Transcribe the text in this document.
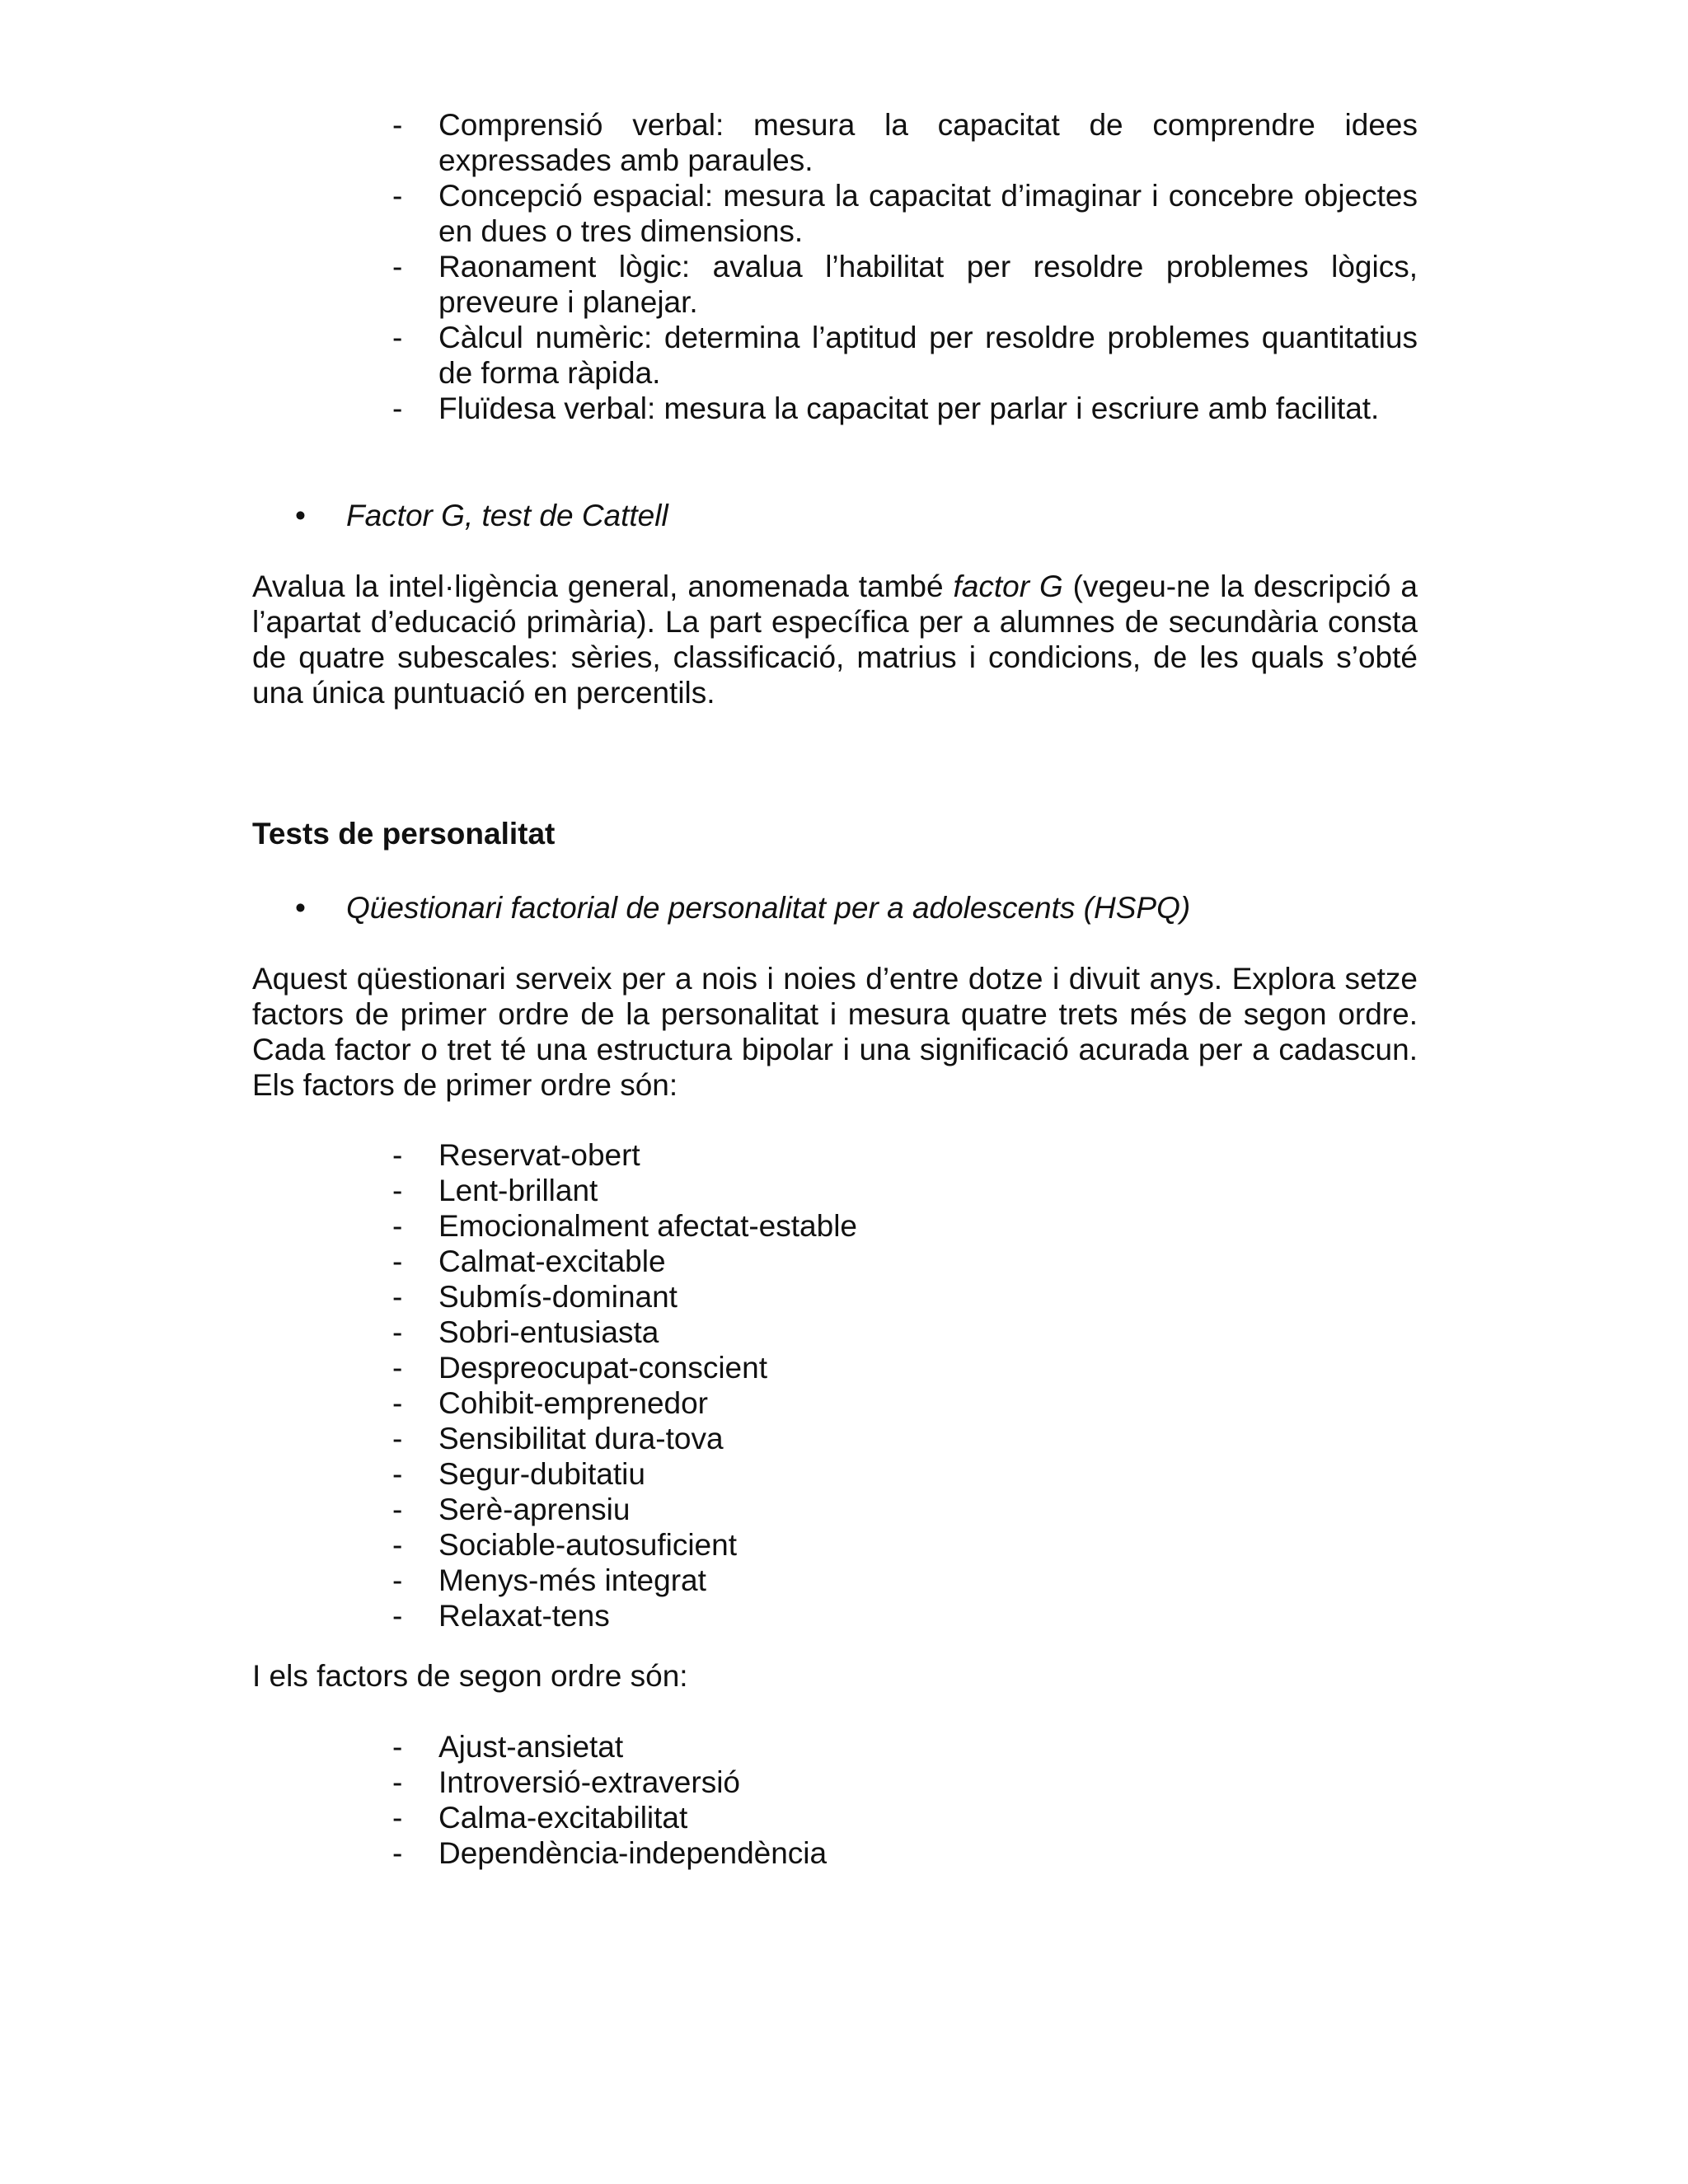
- Comprensió verbal: mesura la capacitat de comprendre idees expressades amb paraules.
- Concepció espacial: mesura la capacitat d’imaginar i concebre objectes en dues o tres dimensions.
- Raonament lògic: avalua l’habilitat per resoldre problemes lògics, preveure i planejar.
- Càlcul numèric: determina l’aptitud per resoldre problemes quantitatius de forma ràpida.
- Fluïdesa verbal: mesura la capacitat per parlar i escriure amb facilitat.
• Factor G, test de Cattell

Avalua la intel·ligència general, anomenada també factor G (vegeu-ne la descripció a l’apartat d’educació primària). La part específica per a alumnes de secundària consta de quatre subescales: sèries, classificació, matrius i condicions, de les quals s’obté una única puntuació en percentils.

Tests de personalitat
• Qüestionari factorial de personalitat per a adolescents (HSPQ)

Aquest qüestionari serveix per a nois i noies d’entre dotze i divuit anys. Explora setze factors de primer ordre de la personalitat i mesura quatre trets més de segon ordre. Cada factor o tret té una estructura bipolar i una significació acurada per a cadascun. Els factors de primer ordre són:

- Reservat-obert
- Lent-brillant
- Emocionalment afectat-estable
- Calmat-excitable
- Submís-dominant
- Sobri-entusiasta
- Despreocupat-conscient
- Cohibit-emprenedor
- Sensibilitat dura-tova
- Segur-dubitatiu
- Serè-aprensiu
- Sociable-autosuficient
- Menys-més integrat
- Relaxat-tens

I els factors de segon ordre són:

- Ajust-ansietat
- Introversió-extraversió
- Calma-excitabilitat
- Dependència-independència
